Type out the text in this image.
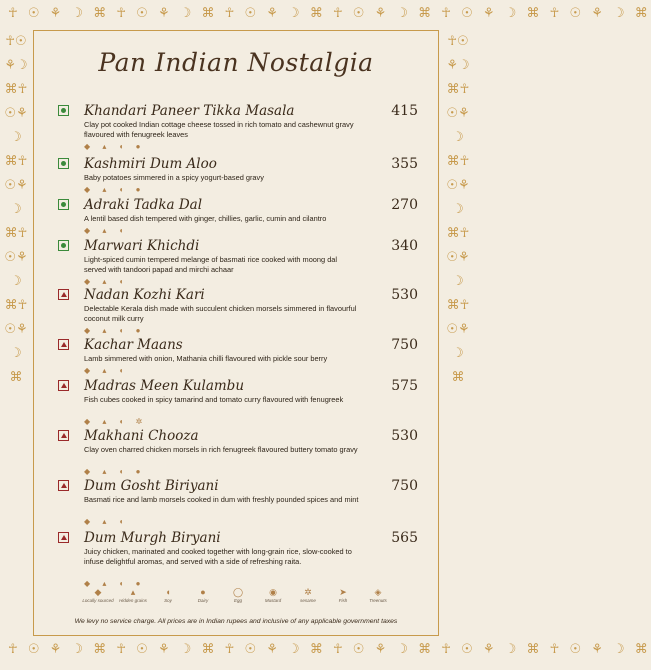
☥ ☉ ⚘ ☽ ⌘ ☥ ☉ ⚘ ☽ ⌘ ☥ ☉ ⚘ ☽ ⌘ ☥ ☉ ⚘ ☽ ⌘ ☥ ☉ ⚘ ☽ ⌘ ☥ ☉ ⚘ ☽ ⌘
☥ ☉ ⚘ ☽ ⌘ ☥ ☉ ⚘ ☽ ⌘ ☥ ☉ ⚘ ☽ ⌘ ☥ ☉ ⚘ ☽ ⌘ ☥ ☉ ⚘ ☽ ⌘ ☥ ☉ ⚘ ☽ ⌘
☥☉⚘☽⌘☥☉⚘☽⌘☥☉⚘☽⌘☥☉⚘☽⌘☥☉⚘☽⌘
☥☉⚘☽⌘☥☉⚘☽⌘☥☉⚘☽⌘☥☉⚘☽⌘☥☉⚘☽⌘
Pan Indian Nostalgia
Khandari Paneer Tikka Masala	415
Clay pot cooked Indian cottage cheese tossed in rich tomato and cashewnut gravy flavoured with fenugreek leaves
◆ ▴ ◖ ●
Kashmiri Dum Aloo	355
Baby potatoes simmered in a spicy yogurt-based gravy
◆ ▴ ◖ ●
Adraki Tadka Dal	270
A lentil based dish tempered with ginger, chillies, garlic, cumin and cilantro
◆ ▴ ◖
Marwari Khichdi	340
Light-spiced cumin tempered melange of basmati rice cooked with moong dal served with tandoori papad and mirchi achaar
◆ ▴ ◖
Nadan Kozhi Kari	530
Delectable Kerala dish made with succulent chicken morsels simmered in flavourful coconut milk curry
◆ ▴ ◖ ●
Kachar Maans	750
Lamb simmered with onion, Mathania chilli flavoured with pickle sour berry
◆ ▴ ◖
Madras Meen Kulambu	575
Fish cubes cooked in spicy tamarind and tomato curry flavoured with fenugreek
◆ ▴ ◖ ✲
Makhani Chooza	530
Clay oven charred chicken morsels in rich fenugreek flavoured buttery tomato gravy
◆ ▴ ◖ ●
Dum Gosht Biriyani	750
Basmati rice and lamb morsels cooked in dum with freshly pounded spices and mint
◆ ▴ ◖
Dum Murgh Biryani	565
Juicy chicken, marinated and cooked together with long-grain rice, slow-cooked to infuse delightful aromas, and served with a side of refreshing raita.
◆ ▴ ◖ ●
◆
Locally sourced
▴
Hidden grains
◖
Soy
●
Dairy
◯
Egg
◉
Mustard
✲
sesame
➤
Fish
◈
Treenuts
We levy no service charge. All prices are in Indian rupees and inclusive of any applicable government taxes
